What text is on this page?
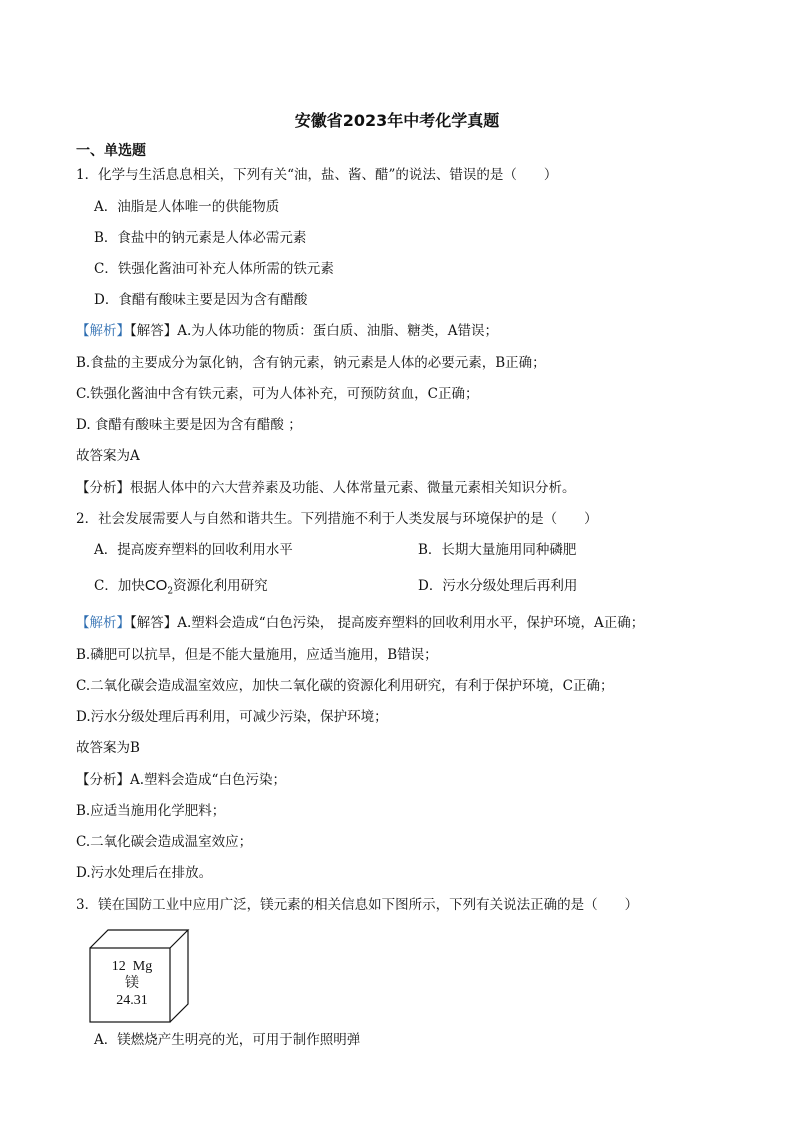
安徽省2023年中考化学真题
一、单选题
1．化学与生活息息相关，下列有关“油，盐、酱、醋”的说法、错误的是（　　）
A．油脂是人体唯一的供能物质
B．食盐中的钠元素是人体必需元素
C．铁强化酱油可补充人体所需的铁元素
D．食醋有酸味主要是因为含有醋酸
【解析】【解答】A.为人体功能的物质：蛋白质、油脂、糖类，A错误；
B.食盐的主要成分为氯化钠，含有钠元素，钠元素是人体的必要元素，B正确；
C.铁强化酱油中含有铁元素，可为人体补充，可预防贫血，C正确；
D. 食醋有酸味主要是因为含有醋酸 ；
故答案为A
【分析】根据人体中的六大营养素及功能、人体常量元素、微量元素相关知识分析。
2．社会发展需要人与自然和谐共生。下列措施不利于人类发展与环境保护的是（　　）
A．提高废弃塑料的回收利用水平	B．长期大量施用同种磷肥
C．加快$CO_2$资源化利用研究	D．污水分级处理后再利用
【解析】【解答】A.塑料会造成“白色污染， 提高废弃塑料的回收利用水平，保护环境，A正确；
B.磷肥可以抗旱，但是不能大量施用，应适当施用，B错误；
C.二氧化碳会造成温室效应，加快二氧化碳的资源化利用研究，有利于保护环境，C正确；
D.污水分级处理后再利用，可减少污染，保护环境；
故答案为B
【分析】A.塑料会造成“白色污染；
B.应适当施用化学肥料；
C.二氧化碳会造成温室效应；
D.污水处理后在排放。
3．镁在国防工业中应用广泛，镁元素的相关信息如下图所示，下列有关说法正确的是（　　）
12 Mg
镁
24.31
A．镁燃烧产生明亮的光，可用于制作照明弹
